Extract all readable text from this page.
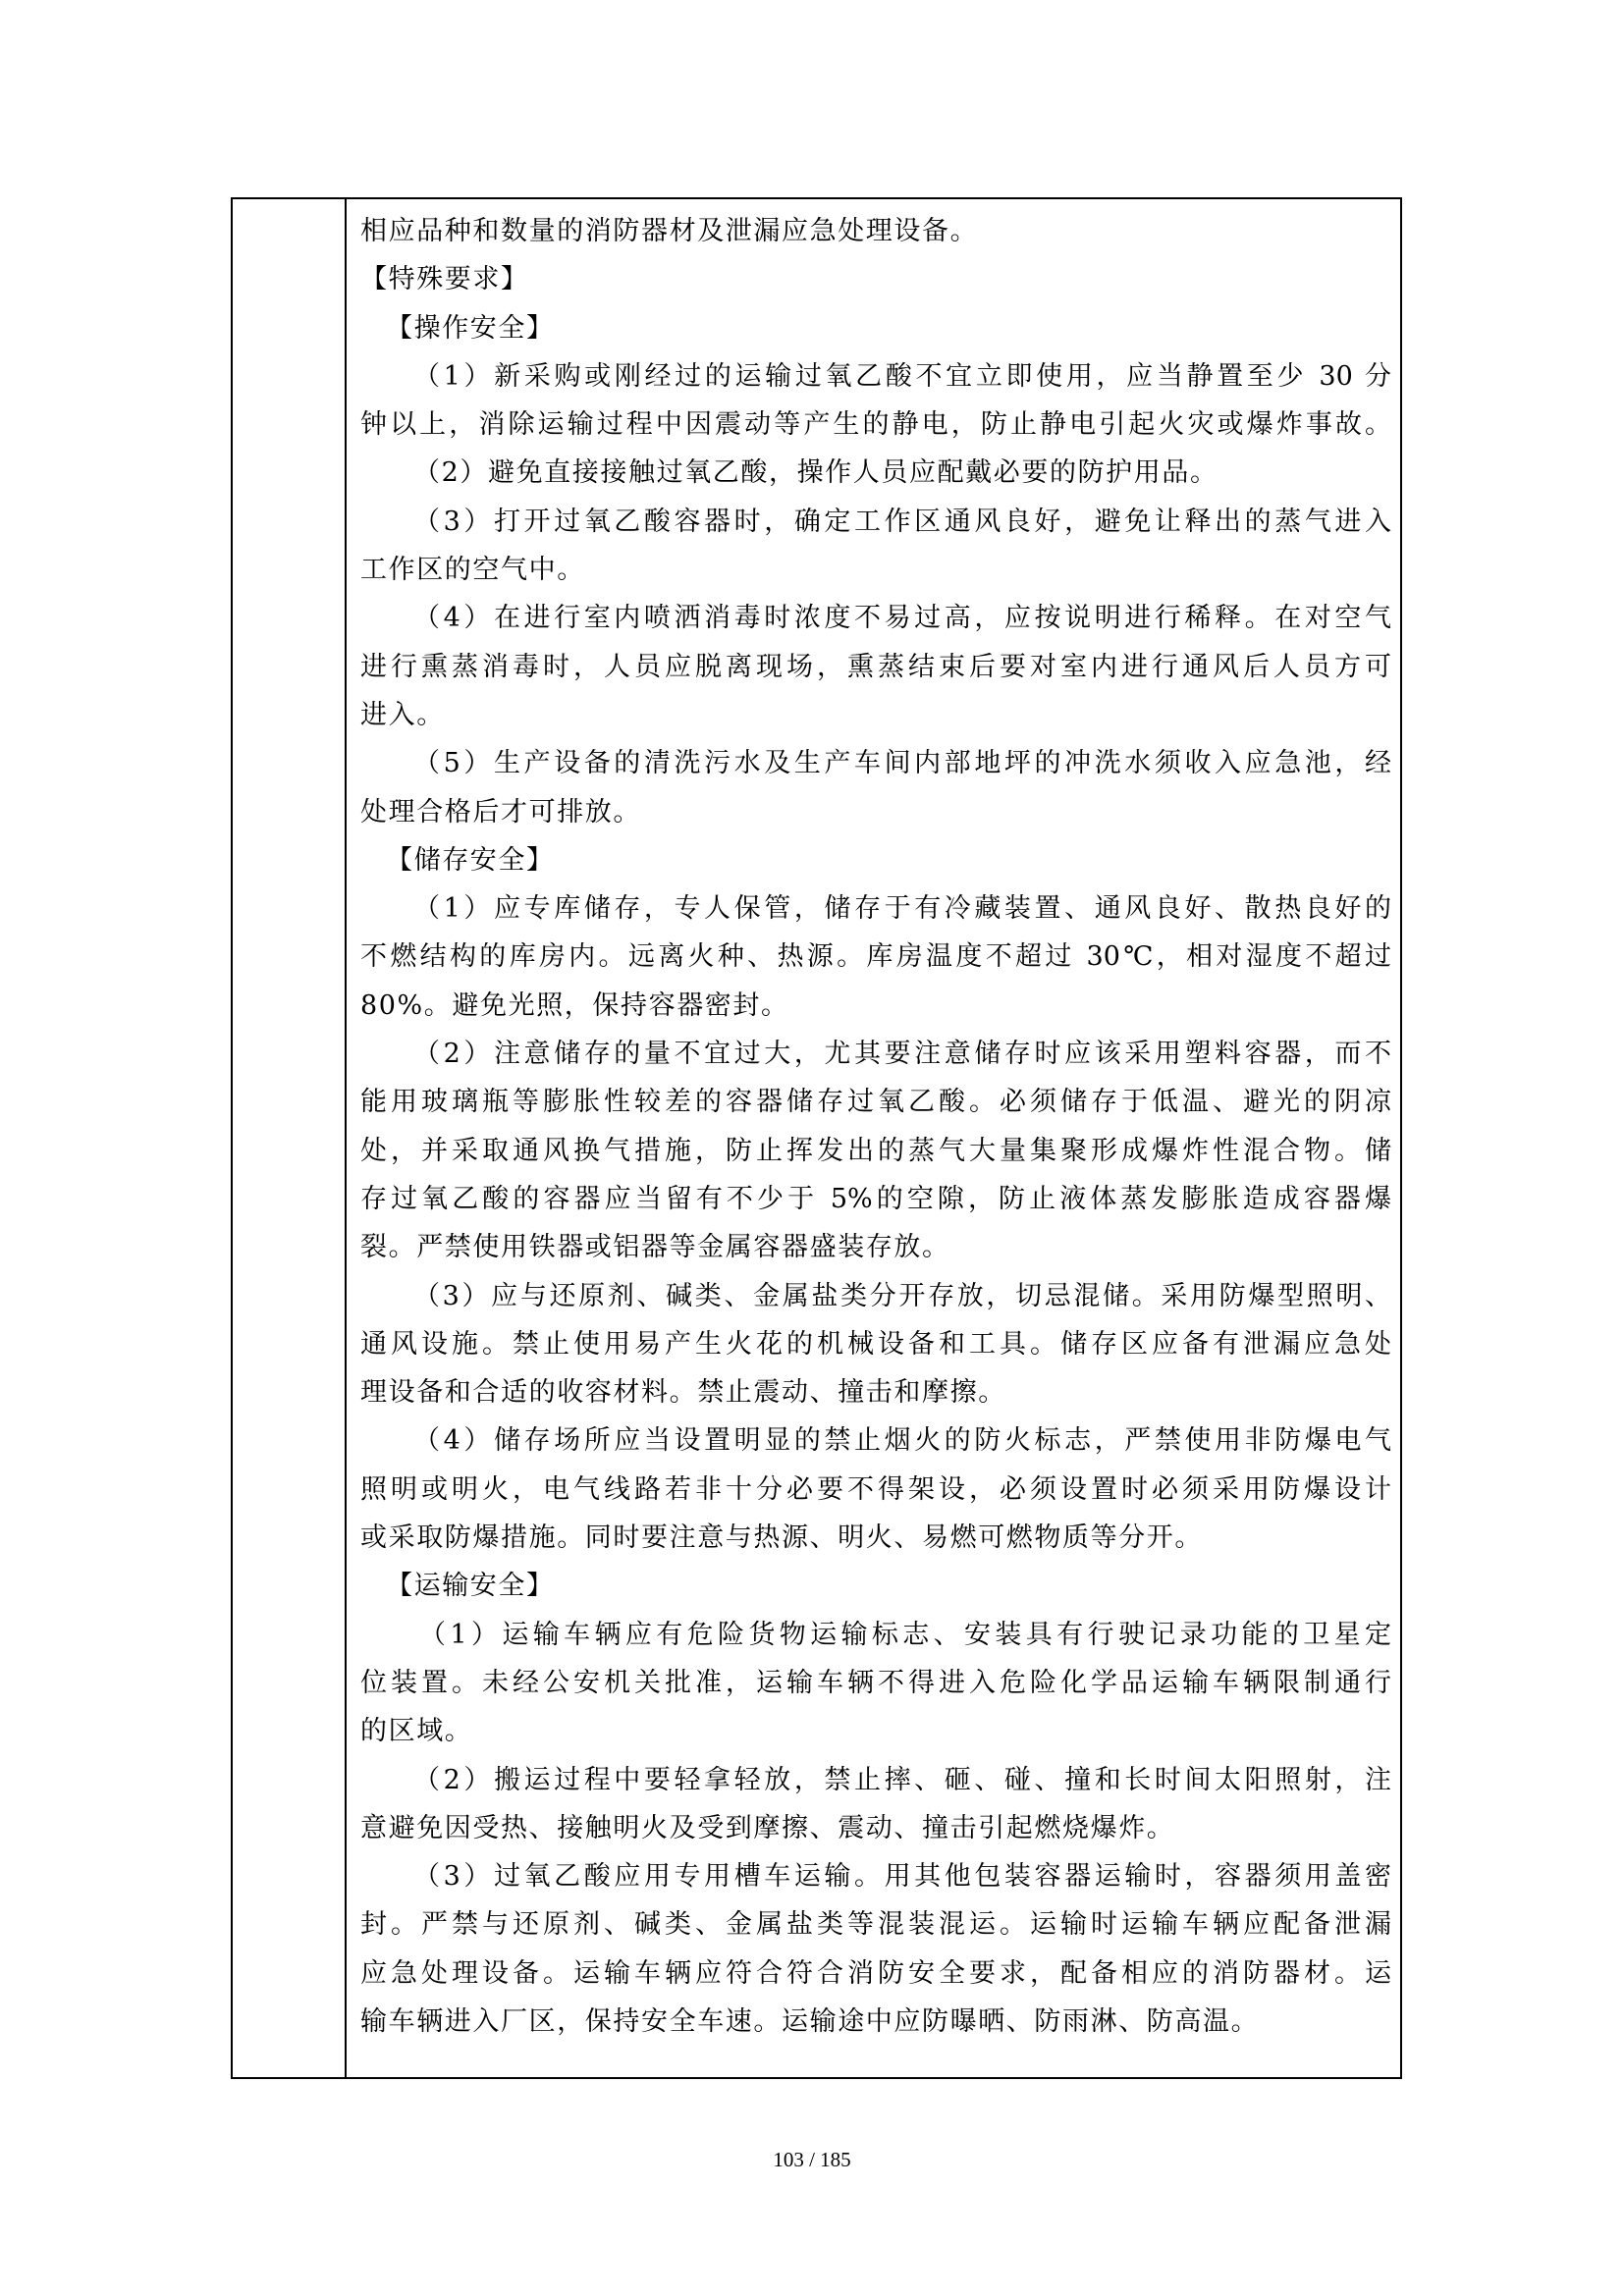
相应品种和数量的消防器材及泄漏应急处理设备。
【特殊要求】
【操作安全】
（1）新采购或刚经过的运输过氧乙酸不宜立即使用，应当静置至少 30 分
钟以上，消除运输过程中因震动等产生的静电，防止静电引起火灾或爆炸事故。
（2）避免直接接触过氧乙酸，操作人员应配戴必要的防护用品。
（3）打开过氧乙酸容器时，确定工作区通风良好，避免让释出的蒸气进入
工作区的空气中。
（4）在进行室内喷洒消毒时浓度不易过高，应按说明进行稀释。在对空气
进行熏蒸消毒时，人员应脱离现场，熏蒸结束后要对室内进行通风后人员方可
进入。
（5）生产设备的清洗污水及生产车间内部地坪的冲洗水须收入应急池，经
处理合格后才可排放。
【储存安全】
（1）应专库储存，专人保管，储存于有冷藏装置、通风良好、散热良好的
不燃结构的库房内。远离火种、热源。库房温度不超过 30℃，相对湿度不超过
80%。避免光照，保持容器密封。
（2）注意储存的量不宜过大，尤其要注意储存时应该采用塑料容器，而不
能用玻璃瓶等膨胀性较差的容器储存过氧乙酸。必须储存于低温、避光的阴凉
处，并采取通风换气措施，防止挥发出的蒸气大量集聚形成爆炸性混合物。储
存过氧乙酸的容器应当留有不少于 5%的空隙，防止液体蒸发膨胀造成容器爆
裂。严禁使用铁器或铝器等金属容器盛装存放。
（3）应与还原剂、碱类、金属盐类分开存放，切忌混储。采用防爆型照明、
通风设施。禁止使用易产生火花的机械设备和工具。储存区应备有泄漏应急处
理设备和合适的收容材料。禁止震动、撞击和摩擦。
（4）储存场所应当设置明显的禁止烟火的防火标志，严禁使用非防爆电气
照明或明火，电气线路若非十分必要不得架设，必须设置时必须采用防爆设计
或采取防爆措施。同时要注意与热源、明火、易燃可燃物质等分开。
【运输安全】
（1）运输车辆应有危险货物运输标志、安装具有行驶记录功能的卫星定
位装置。未经公安机关批准，运输车辆不得进入危险化学品运输车辆限制通行
的区域。
（2）搬运过程中要轻拿轻放，禁止摔、砸、碰、撞和长时间太阳照射，注
意避免因受热、接触明火及受到摩擦、震动、撞击引起燃烧爆炸。
（3）过氧乙酸应用专用槽车运输。用其他包装容器运输时，容器须用盖密
封。严禁与还原剂、碱类、金属盐类等混装混运。运输时运输车辆应配备泄漏
应急处理设备。运输车辆应符合符合消防安全要求，配备相应的消防器材。运
输车辆进入厂区，保持安全车速。运输途中应防曝晒、防雨淋、防高温。
103 / 185
